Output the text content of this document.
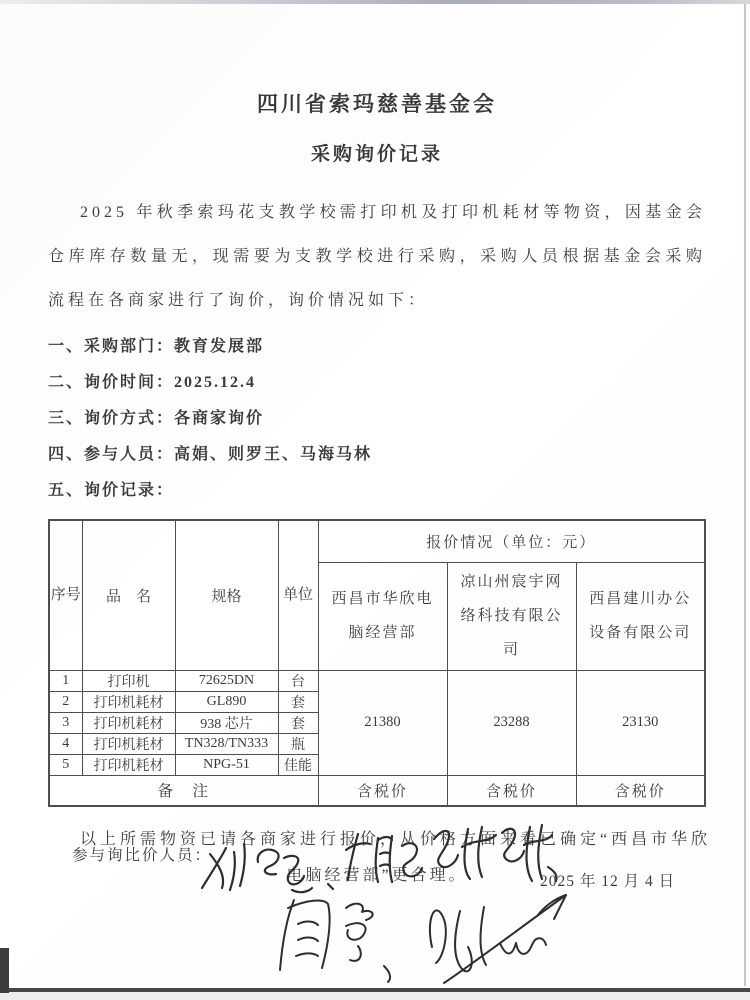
四川省索玛慈善基金会
采购询价记录

2025 年秋季索玛花支教学校需打印机及打印机耗材等物资，因基金会仓库库存数量无，现需要为支教学校进行采购，采购人员根据基金会采购流程在各商家进行了询价，询价情况如下：

一、采购部门：教育发展部
二、询价时间：2025.12.4
三、询价方式：各商家询价
四、参与人员：高娟、则罗王、马海马林
五、询价记录：
序号	品　名	规格	单位	报价情况（单位：元）		
				西昌市华欣电脑经营部	凉山州宸宇网络科技有限公司	西昌建川办公设备有限公司
1	打印机	72625DN	台	21380	23288	23130
2	打印机耗材	GL890	套			
3	打印机耗材	938 芯片	套			
4	打印机耗材	TN328/TN333	瓶			
5	打印机耗材	NPG-51	佳能			
备　注				含税价	含税价	含税价
以上所需物资已请各商家进行报价，从价格方面来看已确定“西昌市华欣
电脑经营部”更合理。
参与询比价人员：
2025 年 12 月 4 日
